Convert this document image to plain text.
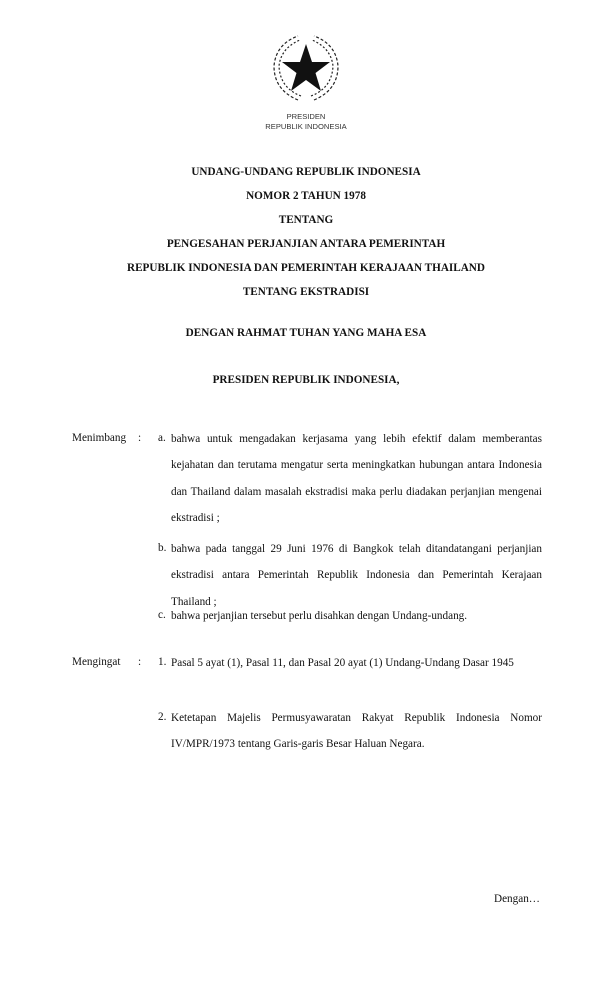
PRESIDEN
REPUBLIK INDONESIA
UNDANG-UNDANG REPUBLIK INDONESIA
NOMOR 2 TAHUN 1978
TENTANG
PENGESAHAN PERJANJIAN ANTARA PEMERINTAH
REPUBLIK INDONESIA DAN PEMERINTAH KERAJAAN THAILAND
TENTANG EKSTRADISI
DENGAN RAHMAT TUHAN YANG MAHA ESA
PRESIDEN REPUBLIK INDONESIA,
Menimbang : a. bahwa untuk mengadakan kerjasama yang lebih efektif dalam memberantas kejahatan dan terutama mengatur serta meningkatkan hubungan antara Indonesia dan Thailand dalam masalah ekstradisi maka perlu diadakan perjanjian mengenai ekstradisi ;
b. bahwa pada tanggal 29 Juni 1976 di Bangkok telah ditandatangani perjanjian ekstradisi antara Pemerintah Republik Indonesia dan Pemerintah Kerajaan Thailand ;
c. bahwa perjanjian tersebut perlu disahkan dengan Undang-undang.
Mengingat : 1. Pasal 5 ayat (1), Pasal 11, dan Pasal 20 ayat (1) Undang-Undang Dasar 1945
2. Ketetapan Majelis Permusyawaratan Rakyat Republik Indonesia Nomor IV/MPR/1973 tentang Garis-garis Besar Haluan Negara.
Dengan…
